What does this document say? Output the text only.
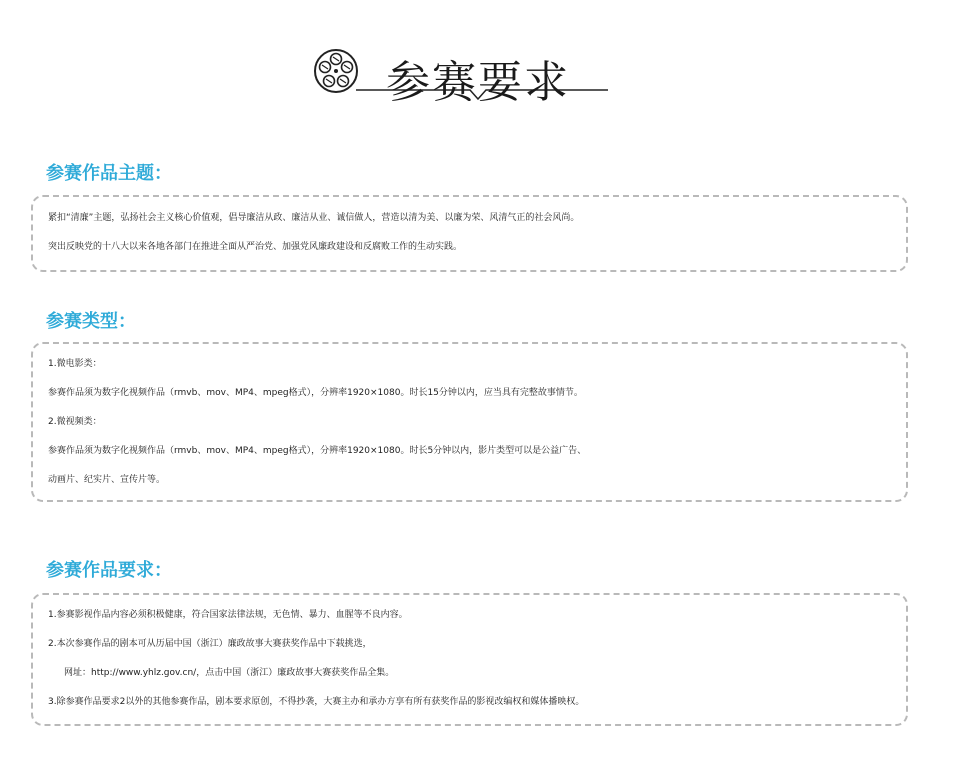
参赛要求
参赛作品主题：
紧扣“清廉”主题，弘扬社会主义核心价值观，倡导廉洁从政、廉洁从业、诚信做人，营造以清为美、以廉为荣、风清气正的社会风尚。
突出反映党的十八大以来各地各部门在推进全面从严治党、加强党风廉政建设和反腐败工作的生动实践。
参赛类型：
1.微电影类：
参赛作品须为数字化视频作品（rmvb、mov、MP4、mpeg格式），分辨率1920×1080。时长15分钟以内，应当具有完整故事情节。
2.微视频类：
参赛作品须为数字化视频作品（rmvb、mov、MP4、mpeg格式），分辨率1920×1080。时长5分钟以内，影片类型可以是公益广告、
动画片、纪实片、宣传片等。
参赛作品要求：
1.参赛影视作品内容必须积极健康，符合国家法律法规，无色情、暴力、血腥等不良内容。
2.本次参赛作品的剧本可从历届中国（浙江）廉政故事大赛获奖作品中下载挑选，
网址：http://www.yhlz.gov.cn/，点击中国（浙江）廉政故事大赛获奖作品全集。
3.除参赛作品要求2以外的其他参赛作品，剧本要求原创，不得抄袭，大赛主办和承办方享有所有获奖作品的影视改编权和媒体播映权。
